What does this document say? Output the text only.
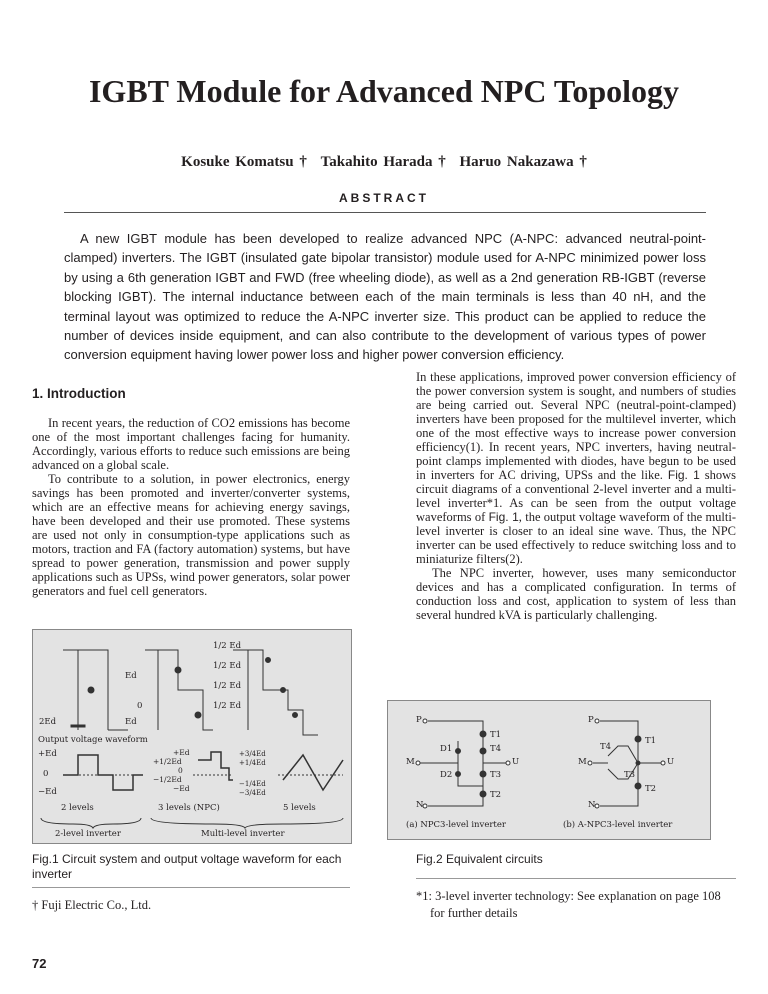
IGBT Module for Advanced NPC Topology
Kosuke Komatsu † Takahito Harada † Haruo Nakazawa †
ABSTRACT
A new IGBT module has been developed to realize advanced NPC (A-NPC: advanced neutral-point-clamped) inverters. The IGBT (insulated gate bipolar transistor) module used for A-NPC minimized power loss by using a 6th generation IGBT and FWD (free wheeling diode), as well as a 2nd generation RB-IGBT (reverse blocking IGBT). The internal inductance between each of the main terminals is less than 40 nH, and the terminal layout was optimized to reduce the A-NPC inverter size. This product can be applied to reduce the number of devices inside equipment, and can also contribute to the development of various types of power conversion equipment having lower power loss and higher power conversion efficiency.
1. Introduction

In recent years, the reduction of CO2 emissions has become one of the most important challenges facing for humanity. Accordingly, various efforts to reduce such emissions are being advanced on a global scale.

To contribute to a solution, in power electronics, energy savings has been promoted and inverter/converter systems, which are an effective means for achieving energy savings, have been developed and their use promoted. These systems are used not only in consumption-type applications such as motors, traction and FA (factory automation) systems, but have spread to power generation, transmission and power supply applications such as UPSs, wind power generators, solar power generators and fuel cell generators.

In these applications, improved power conversion efficiency of the power conversion system is sought, and numbers of studies are being carried out. Several NPC (neutral-point-clamped) inverters have been proposed for the multilevel inverter, which one of the most effective ways to increase power conversion efficiency(1). In recent years, NPC inverters, having neutral-point clamps implemented with diodes, have begun to be used in inverters for AC driving, UPSs and the like. Fig. 1 shows circuit diagrams of a conventional 2-level inverter and a multi-level inverter*1. As can be seen from the output voltage waveforms of Fig. 1, the output voltage waveform of the multi-level inverter is closer to an ideal sine wave. Thus, the NPC inverter can be used effectively to reduce switching loss and to miniaturize filters(2).

The NPC inverter, however, uses many semiconductor devices and has a complicated configuration. In terms of conduction loss and cost, application to system of less than several hundred kVA is particularly challenging.

2Ed
Ed
0
Ed
1/2 Ed
1/2 Ed
1/2 Ed
1/2 Ed
Output voltage waveform
+Ed
0
−Ed
+Ed
+1/2Ed
0
−1/2Ed
−Ed
+3/4Ed
+1/4Ed
−1/4Ed
−3/4Ed
2 levels	3 levels (NPC)	5 levels
2-level inverter	Multi-level inverter
Fig.1 Circuit system and output voltage waveform for each inverter
† Fuji Electric Co., Ltd.
P
M
N
U
T1
T4
T3
T2
D1
D2
(a) NPC3-level inverter
P
M
N
U
T1
T2
T3
T4
(b) A-NPC3-level inverter
Fig.2 Equivalent circuits
*1: 3-level inverter technology: See explanation on page 108 for further details
72
